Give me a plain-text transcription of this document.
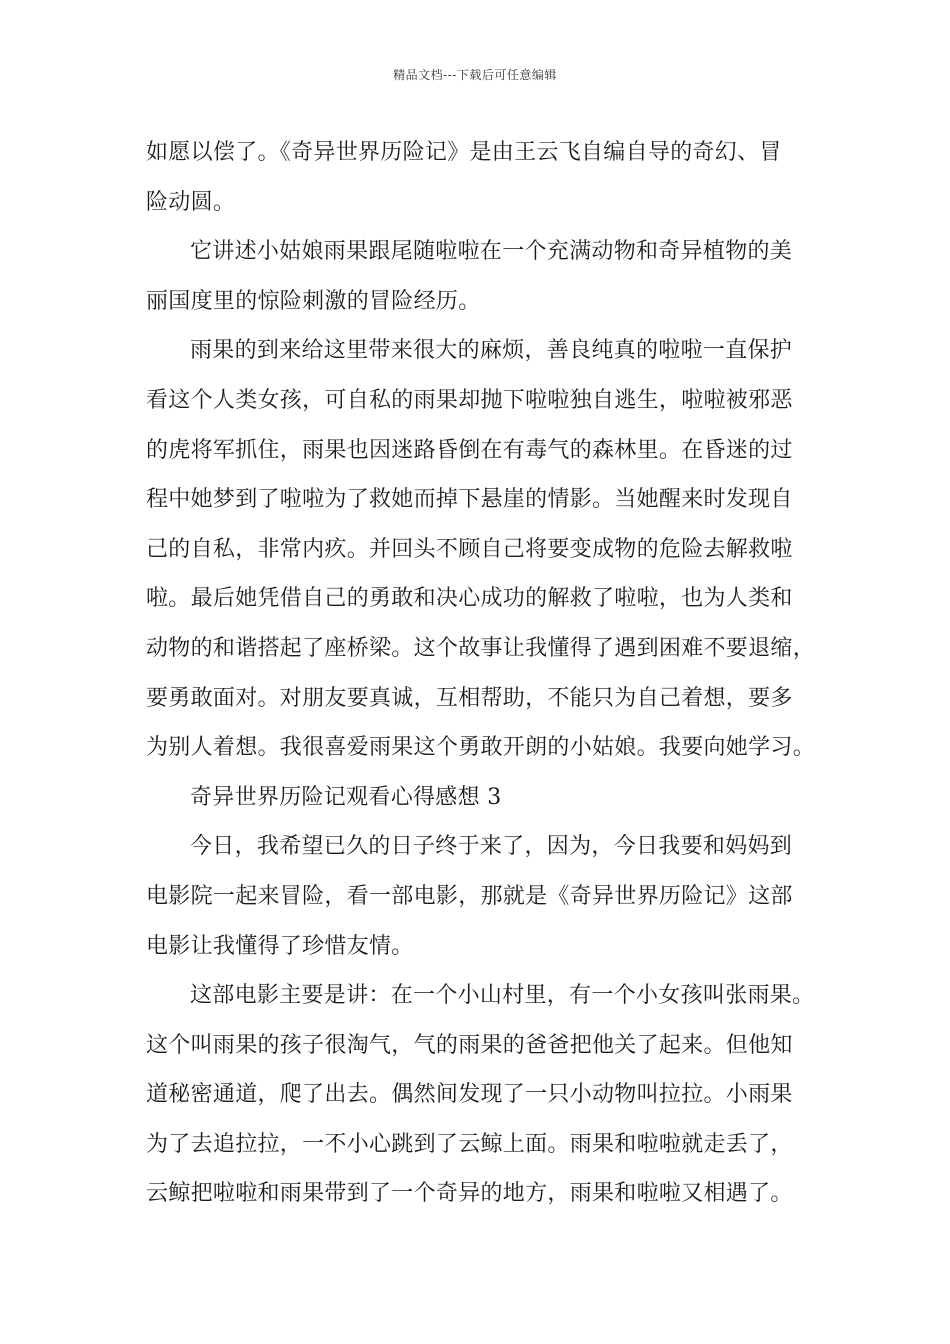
精品文档---下载后可任意编辑
如愿以偿了。《奇异世界历险记》是由王云飞自编自导的奇幻、冒
险动圆。
它讲述小姑娘雨果跟尾随啦啦在一个充满动物和奇异植物的美
丽国度里的惊险刺激的冒险经历。
雨果的到来给这里带来很大的麻烦，善良纯真的啦啦一直保护
看这个人类女孩，可自私的雨果却抛下啦啦独自逃生，啦啦被邪恶
的虎将军抓住，雨果也因迷路昏倒在有毒气的森林里。在昏迷的过
程中她梦到了啦啦为了救她而掉下悬崖的情影。当她醒来时发现自
己的自私，非常内疚。并回头不顾自己将要变成物的危险去解救啦
啦。最后她凭借自己的勇敢和决心成功的解救了啦啦，也为人类和
动物的和谐搭起了座桥梁。这个故事让我懂得了遇到困难不要退缩，
要勇敢面对。对朋友要真诚，互相帮助，不能只为自己着想，要多
为别人着想。我很喜爱雨果这个勇敢开朗的小姑娘。我要向她学习。
奇异世界历险记观看心得感想 3
今日，我希望已久的日子终于来了，因为，今日我要和妈妈到
电影院一起来冒险，看一部电影，那就是《奇异世界历险记》这部
电影让我懂得了珍惜友情。
这部电影主要是讲：在一个小山村里，有一个小女孩叫张雨果。
这个叫雨果的孩子很淘气，气的雨果的爸爸把他关了起来。但他知
道秘密通道，爬了出去。偶然间发现了一只小动物叫拉拉。小雨果
为了去追拉拉，一不小心跳到了云鲸上面。雨果和啦啦就走丢了，
云鲸把啦啦和雨果带到了一个奇异的地方，雨果和啦啦又相遇了。
